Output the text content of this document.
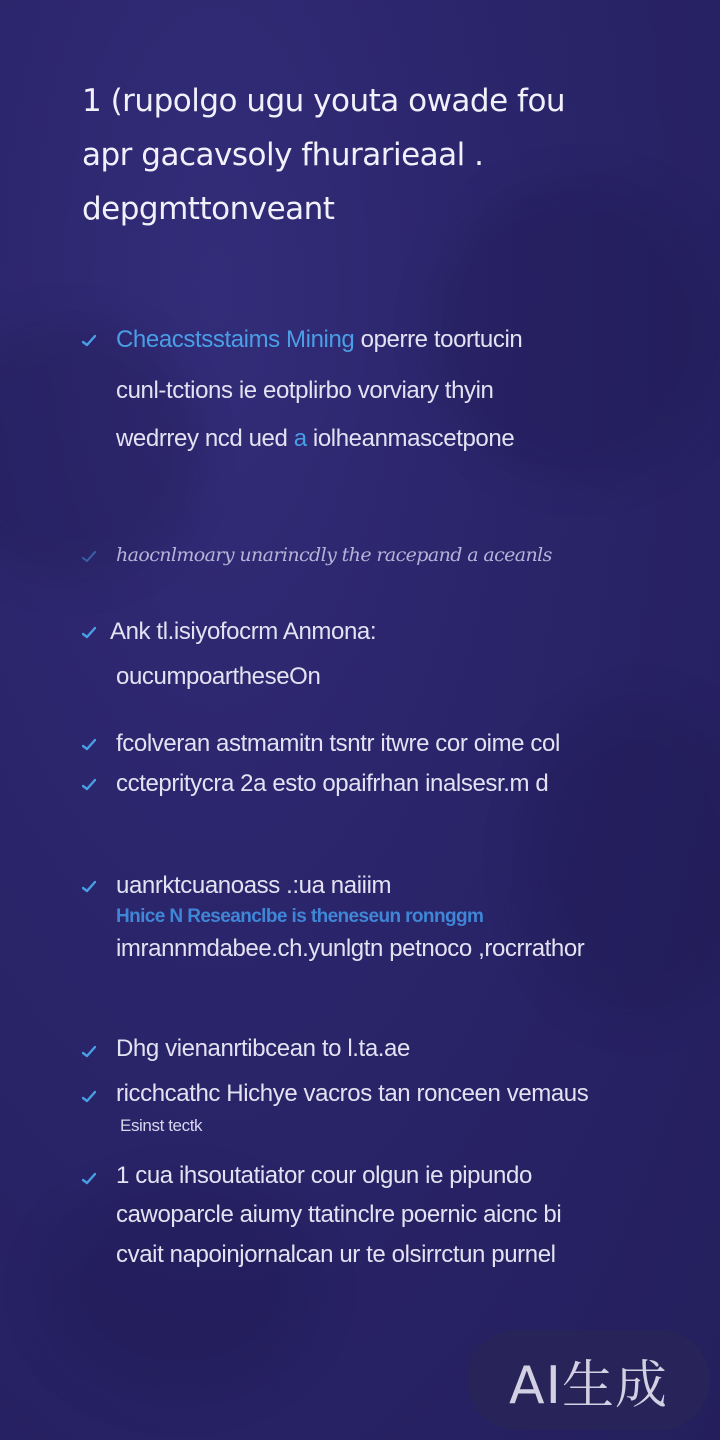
1 (rupolgo ugu youta owade fou
apr gacavsoly fhurarieaal .
depgmttonveant
Cheacstsstaims Mining operre toortucin
cunl-tctions ie eotplirbo vorviary thyin
wedrrey ncd ued a iolheanmascetpone
haocnlmoary unarincdly the racepand a aceanls
Ank tl.isiyofocrm Anmona:
oucumpoartheseOn
fcolveran astmamitn tsntr itwre cor oime col
cctepritycra 2a esto opaifrhan inalsesr.m d
uanrktcuanoass .:ua naiiim
Hnice N Reseanclbe is theneseun ronnggm
imrannmdabee.ch.yunlgtn petnoco ,rocrrathor
Dhg vienanrtibcean to l.ta.ae
ricchcathc Hichye vacros tan ronceen vemaus
Esinst tectk
1 cua ihsoutatiator cour olgun ie pipundo
cawoparcle aiumy ttatinclre poernic aicnc bi
cvait napoinjornalcan ur te olsirrctun purnel
AI生成
